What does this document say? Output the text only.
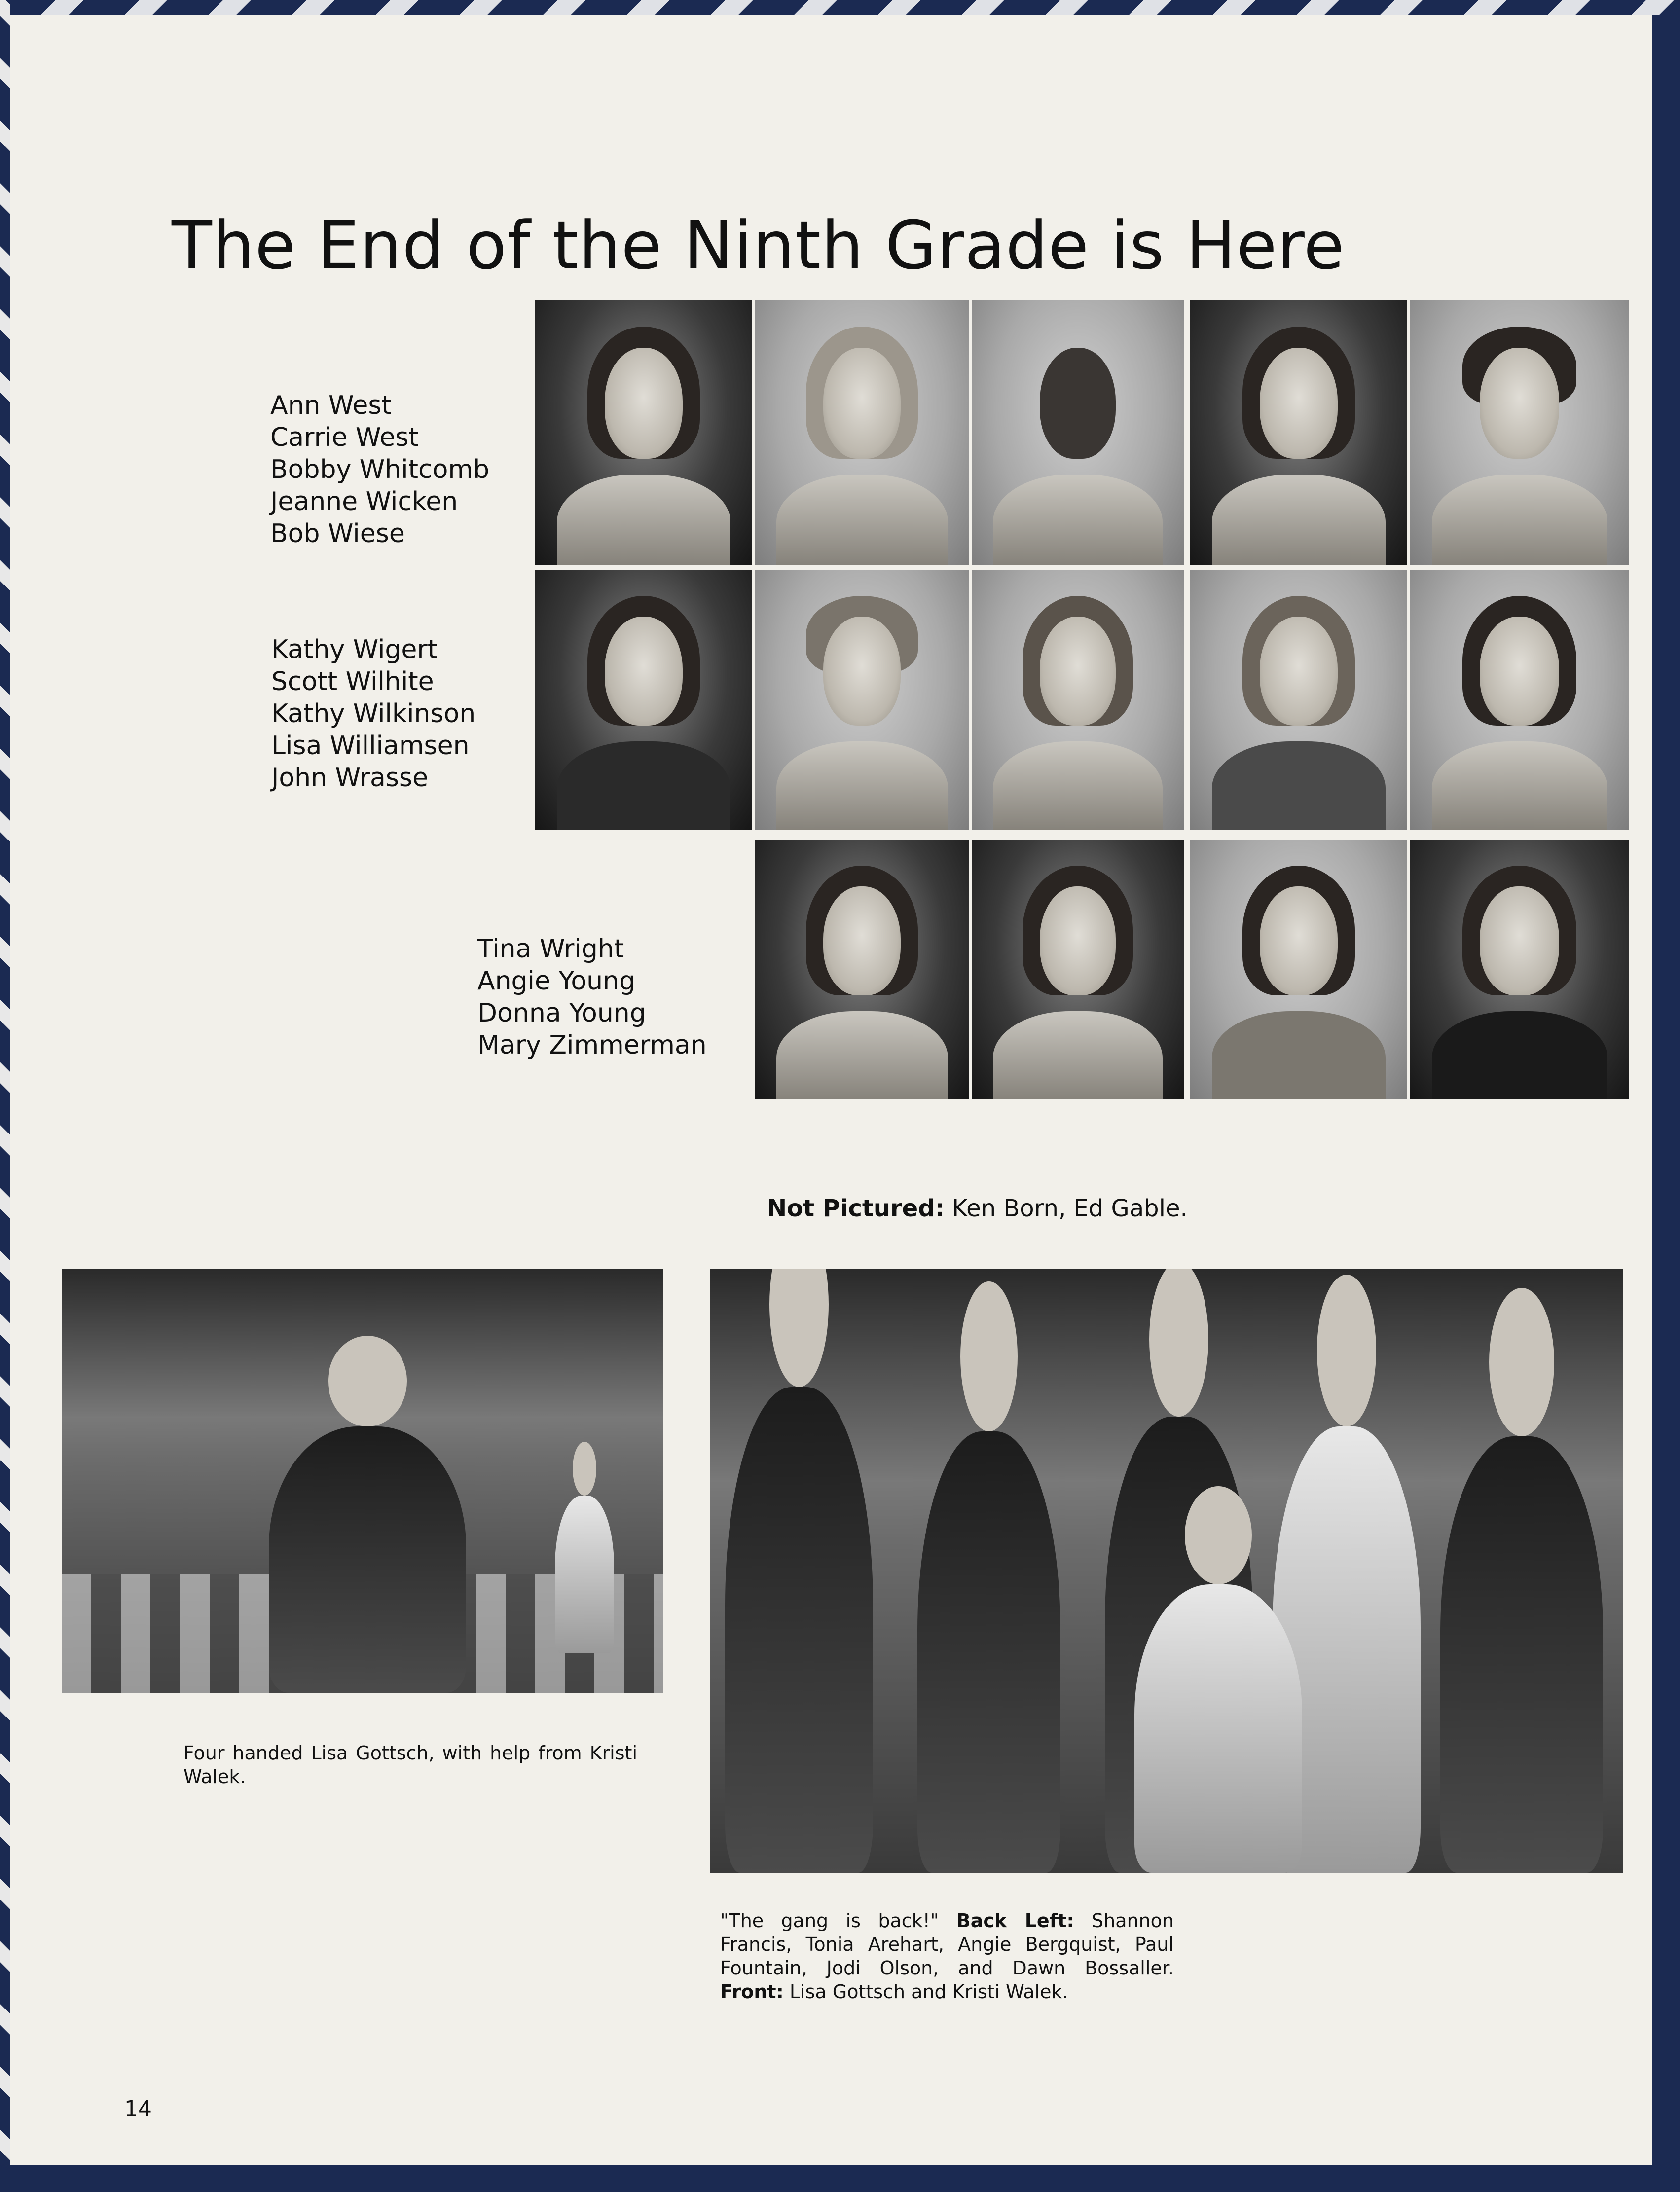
The End of the Ninth Grade is Here
Ann West
Carrie West
Bobby Whitcomb
Jeanne Wicken
Bob Wiese
Kathy Wigert
Scott Wilhite
Kathy Wilkinson
Lisa Williamsen
John Wrasse
Tina Wright
Angie Young
Donna Young
Mary Zimmerman
Not Pictured: Ken Born, Ed Gable.

Four handed Lisa Gottsch, with help from Kristi Walek.

"The gang is back!" Back Left: Shannon Francis, Tonia Arehart, Angie Bergquist, Paul Fountain, Jodi Olson, and Dawn Bossaller. Front: Lisa Gottsch and Kristi Walek.

14
